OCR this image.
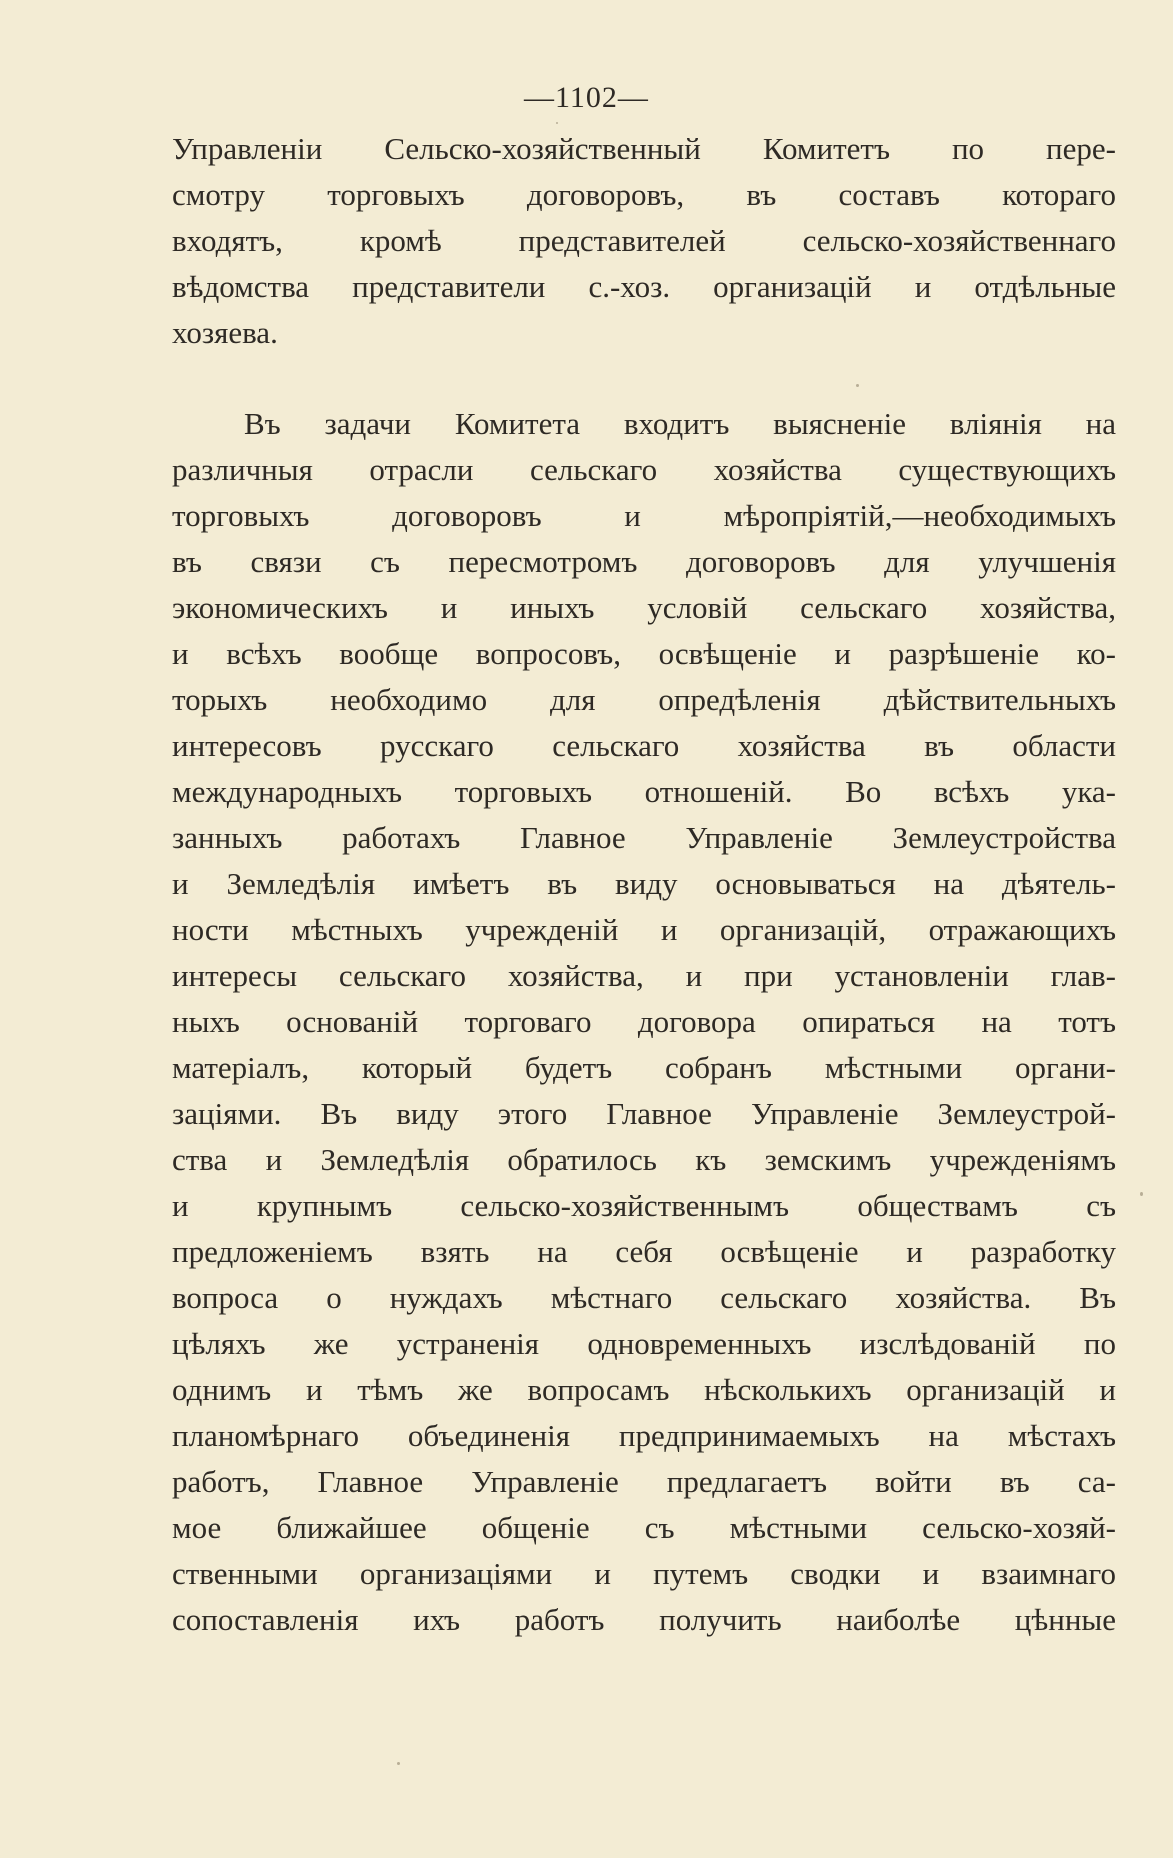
—1102—
Управленіи Сельско-хозяйственный Комитетъ по пере-
смотру торговыхъ договоровъ, въ составъ котораго
входятъ, кромѣ представителей сельско-хозяйственнаго
вѣдомства представители с.-хоз. организацій и отдѣльные
хозяева.
Въ задачи Комитета входитъ выясненіе вліянія на
различныя отрасли сельскаго хозяйства существующихъ
торговыхъ договоровъ и мѣропріятій,—необходимыхъ
въ связи съ пересмотромъ договоровъ для улучшенія
экономическихъ и иныхъ условій сельскаго хозяйства,
и всѣхъ вообще вопросовъ, освѣщеніе и разрѣшеніе ко-
торыхъ необходимо для опредѣленія дѣйствительныхъ
интересовъ русскаго сельскаго хозяйства въ области
международныхъ торговыхъ отношеній. Во всѣхъ ука-
занныхъ работахъ Главное Управленіе Землеустройства
и Земледѣлія имѣетъ въ виду основываться на дѣятель-
ности мѣстныхъ учрежденій и организацій, отражающихъ
интересы сельскаго хозяйства, и при установленіи глав-
ныхъ основаній торговаго договора опираться на тотъ
матеріалъ, который будетъ собранъ мѣстными органи-
заціями. Въ виду этого Главное Управленіе Землеустрой-
ства и Земледѣлія обратилось къ земскимъ учрежденіямъ
и крупнымъ сельско-хозяйственнымъ обществамъ съ
предложеніемъ взять на себя освѣщеніе и разработку
вопроса о нуждахъ мѣстнаго сельскаго хозяйства. Въ
цѣляхъ же устраненія одновременныхъ изслѣдованій по
однимъ и тѣмъ же вопросамъ нѣсколькихъ организацій и
планомѣрнаго объединенія предпринимаемыхъ на мѣстахъ
работъ, Главное Управленіе предлагаетъ войти въ са-
мое ближайшее общеніе съ мѣстными сельско-хозяй-
ственными организаціями и путемъ сводки и взаимнаго
сопоставленія ихъ работъ получить наиболѣе цѣнные
